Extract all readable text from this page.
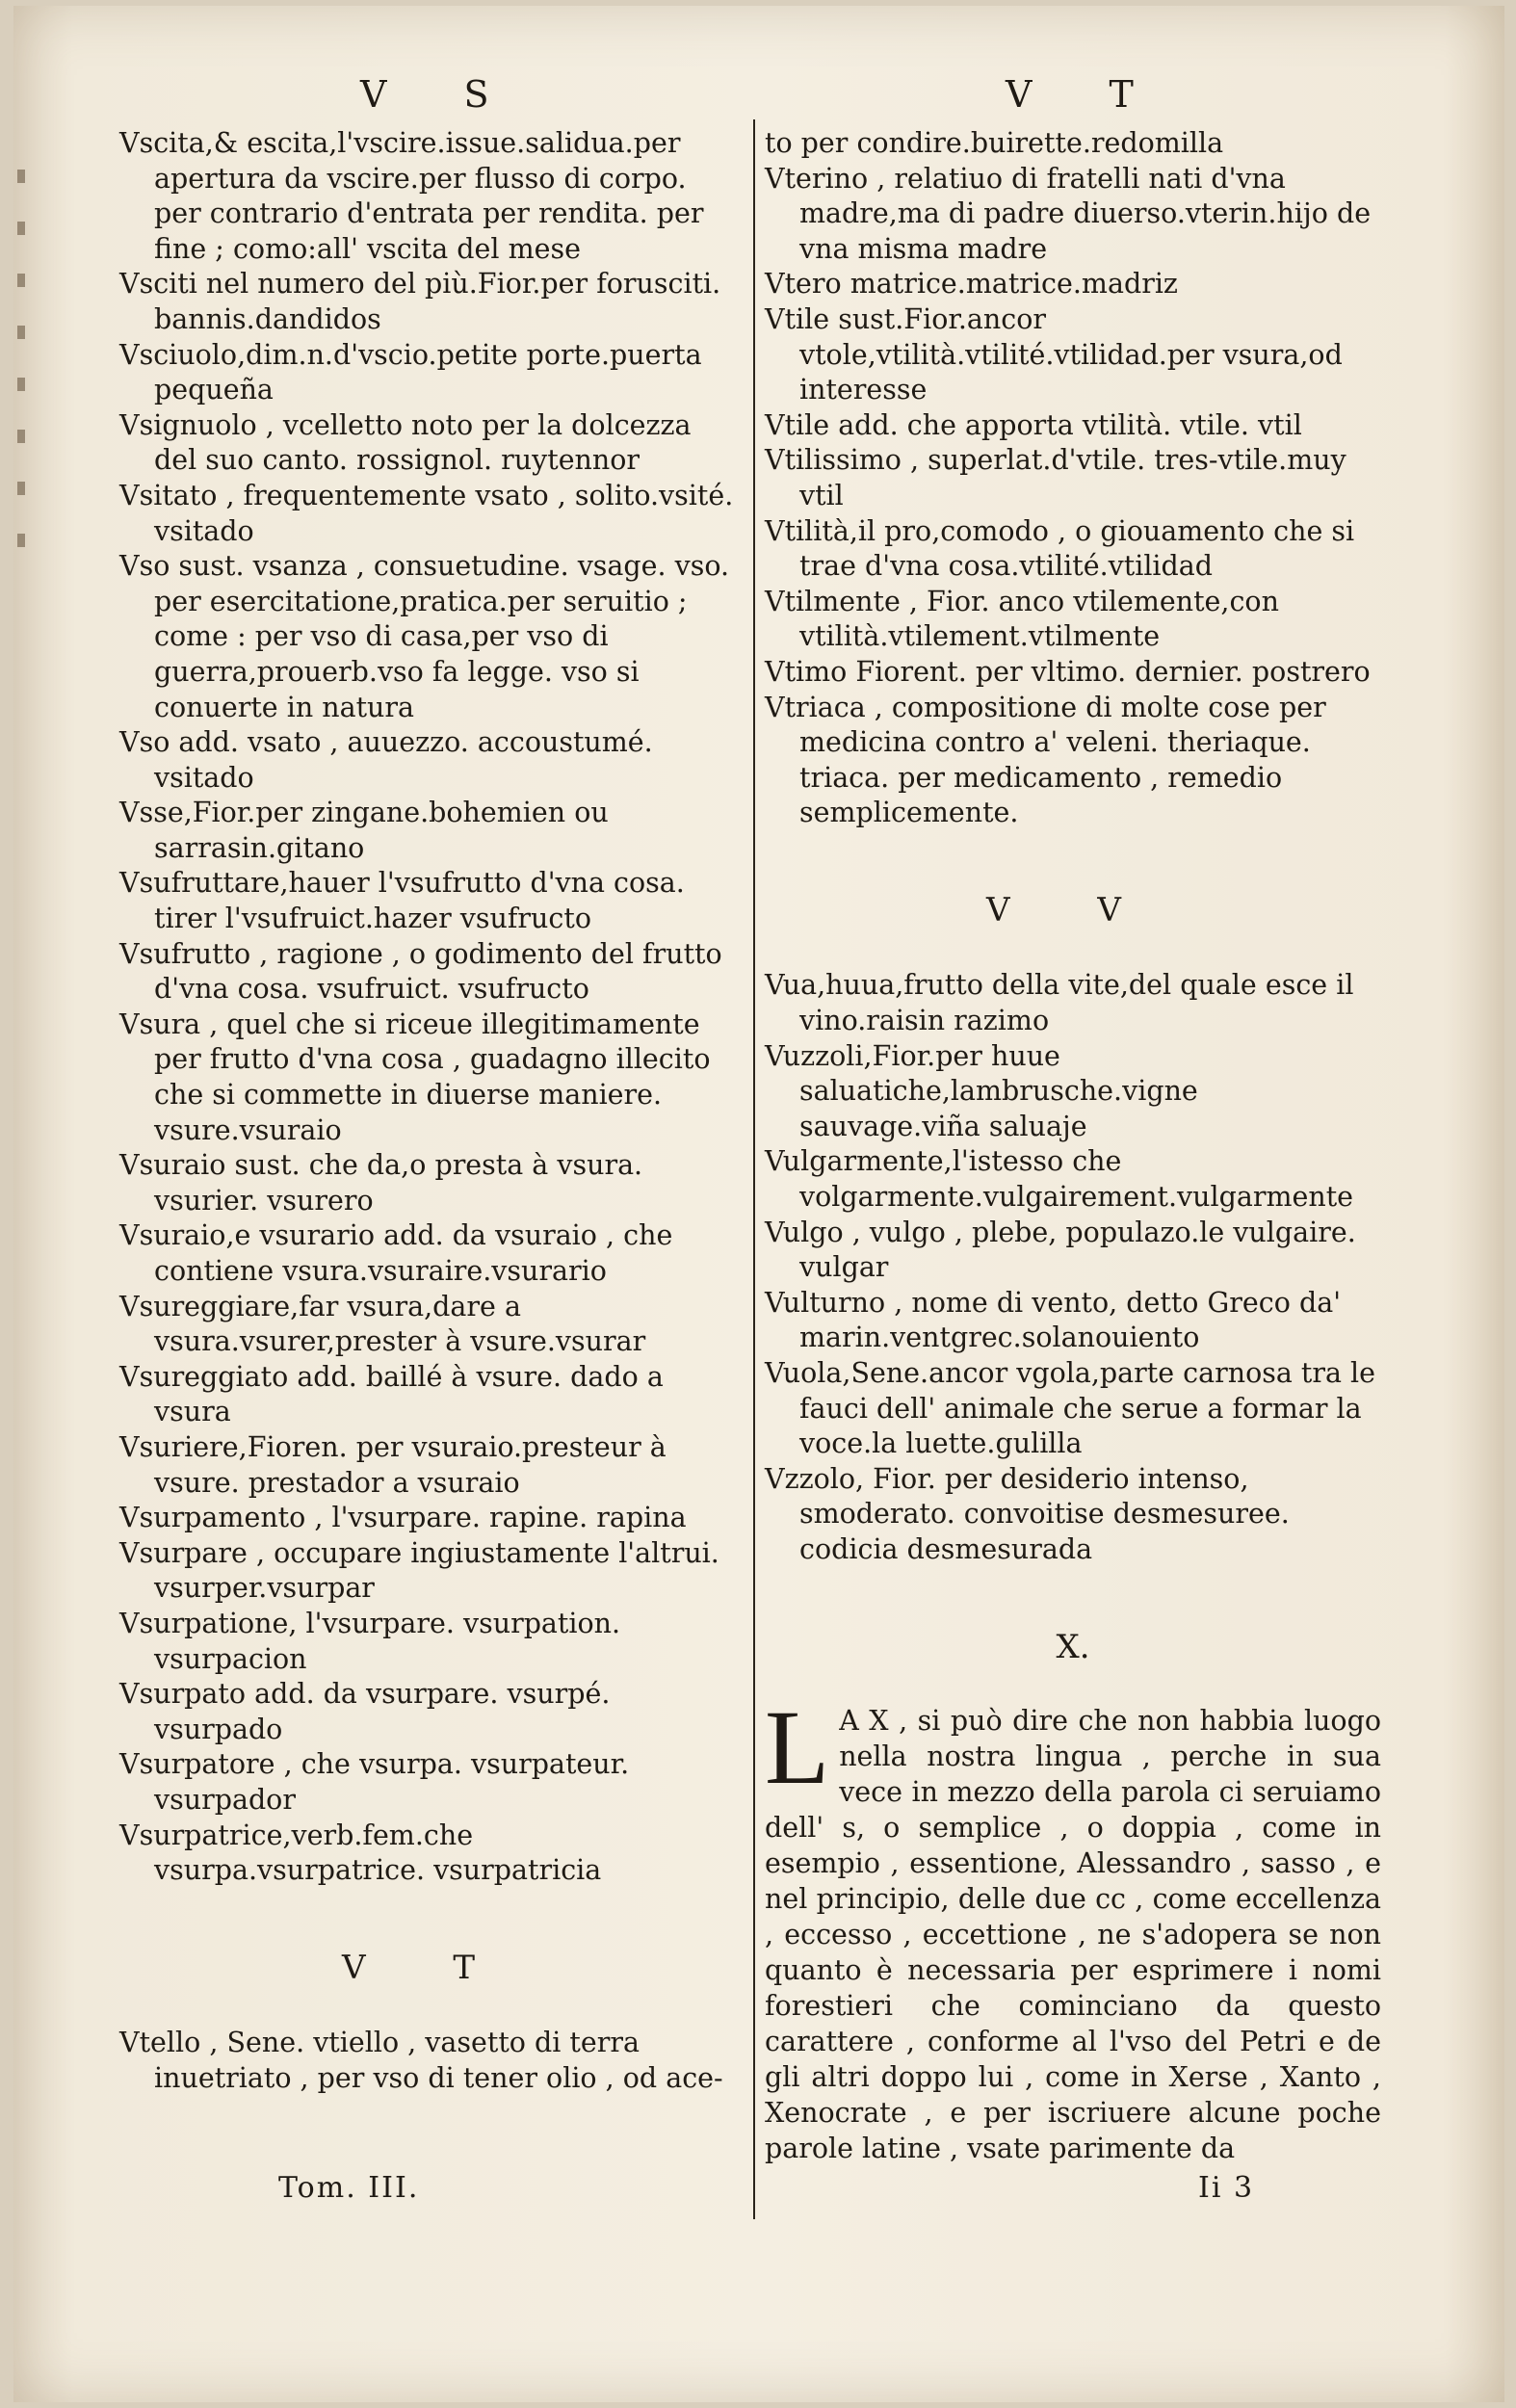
V S	V T

Vscita,& escita,l'vscire.issue.salidua.per apertura da vscire.per flusso di corpo. per contrario d'entrata per rendita. per fine ; como:all' vscita del mese

Vsciti nel numero del più.Fior.per forusciti. bannis.dandidos

Vsciuolo,dim.n.d'vscio.petite porte.puerta pequeña

Vsignuolo , vcelletto noto per la dolcezza del suo canto. rossignol. ruytennor

Vsitato , frequentemente vsato , solito.vsité. vsitado

Vso sust. vsanza , consuetudine. vsage. vso. per esercitatione,pratica.per seruitio ; come : per vso di casa,per vso di guerra,prouerb.vso fa legge. vso si conuerte in natura

Vso add. vsato , auuezzo. accoustumé. vsitado

Vsse,Fior.per zingane.bohemien ou sarrasin.gitano

Vsufruttare,hauer l'vsufrutto d'vna cosa. tirer l'vsufruict.hazer vsufructo

Vsufrutto , ragione , o godimento del frutto d'vna cosa. vsufruict. vsufructo

Vsura , quel che si riceue illegitimamente per frutto d'vna cosa , guadagno illecito che si commette in diuerse maniere. vsure.vsuraio

Vsuraio sust. che da,o presta à vsura. vsurier. vsurero

Vsuraio,e vsurario add. da vsuraio , che contiene vsura.vsuraire.vsurario

Vsureggiare,far vsura,dare a vsura.vsurer,prester à vsure.vsurar

Vsureggiato add. baillé à vsure. dado a vsura

Vsuriere,Fioren. per vsuraio.presteur à vsure. prestador a vsuraio

Vsurpamento , l'vsurpare. rapine. rapina

Vsurpare , occupare ingiustamente l'altrui. vsurper.vsurpar

Vsurpatione, l'vsurpare. vsurpation. vsurpacion

Vsurpato add. da vsurpare. vsurpé. vsurpado

Vsurpatore , che vsurpa. vsurpateur. vsurpador

Vsurpatrice,verb.fem.che vsurpa.vsurpatrice. vsurpatricia

V T

Vtello , Sene. vtiello , vasetto di terra inuetriato , per vso di tener olio , od ace-

to per condire.buirette.redomilla

Vterino , relatiuo di fratelli nati d'vna madre,ma di padre diuerso.vterin.hijo de vna misma madre

Vtero matrice.matrice.madriz

Vtile sust.Fior.ancor vtole,vtilità.vtilité.vtilidad.per vsura,od interesse

Vtile add. che apporta vtilità. vtile. vtil

Vtilissimo , superlat.d'vtile. tres-vtile.muy vtil

Vtilità,il pro,comodo , o giouamento che si trae d'vna cosa.vtilité.vtilidad

Vtilmente , Fior. anco vtilemente,con vtilità.vtilement.vtilmente

Vtimo Fiorent. per vltimo. dernier. postrero

Vtriaca , compositione di molte cose per medicina contro a' veleni. theriaque. triaca. per medicamento , remedio semplicemente.

V V

Vua,huua,frutto della vite,del quale esce il vino.raisin razimo

Vuzzoli,Fior.per huue saluatiche,lambrusche.vigne sauvage.viña saluaje

Vulgarmente,l'istesso che volgarmente.vulgairement.vulgarmente

Vulgo , vulgo , plebe, populazo.le vulgaire. vulgar

Vulturno , nome di vento, detto Greco da' marin.ventgrec.solanouiento

Vuola,Sene.ancor vgola,parte carnosa tra le fauci dell' animale che serue a formar la voce.la luette.gulilla

Vzzolo, Fior. per desiderio intenso, smoderato. convoitise desmesuree. codicia desmesurada

X.
L A X , si può dire che non habbia luogo nella nostra lingua , perche in sua vece in mezzo della parola ci seruiamo dell' s, o semplice , o doppia , come in esempio , essentione, Alessandro , sasso , e nel principio, delle due cc , come eccellenza , eccesso , eccettione , ne s'adopera se non quanto è necessaria per esprimere i nomi forestieri che comincianо da questo carattere , conforme al l'vso del Petri e de gli altri doppo lui , come in Xerse , Xanto , Xenocrate , e per iscriuere alcune poche parole latine , vsate parimente da
Tom. III.	Ii 3
